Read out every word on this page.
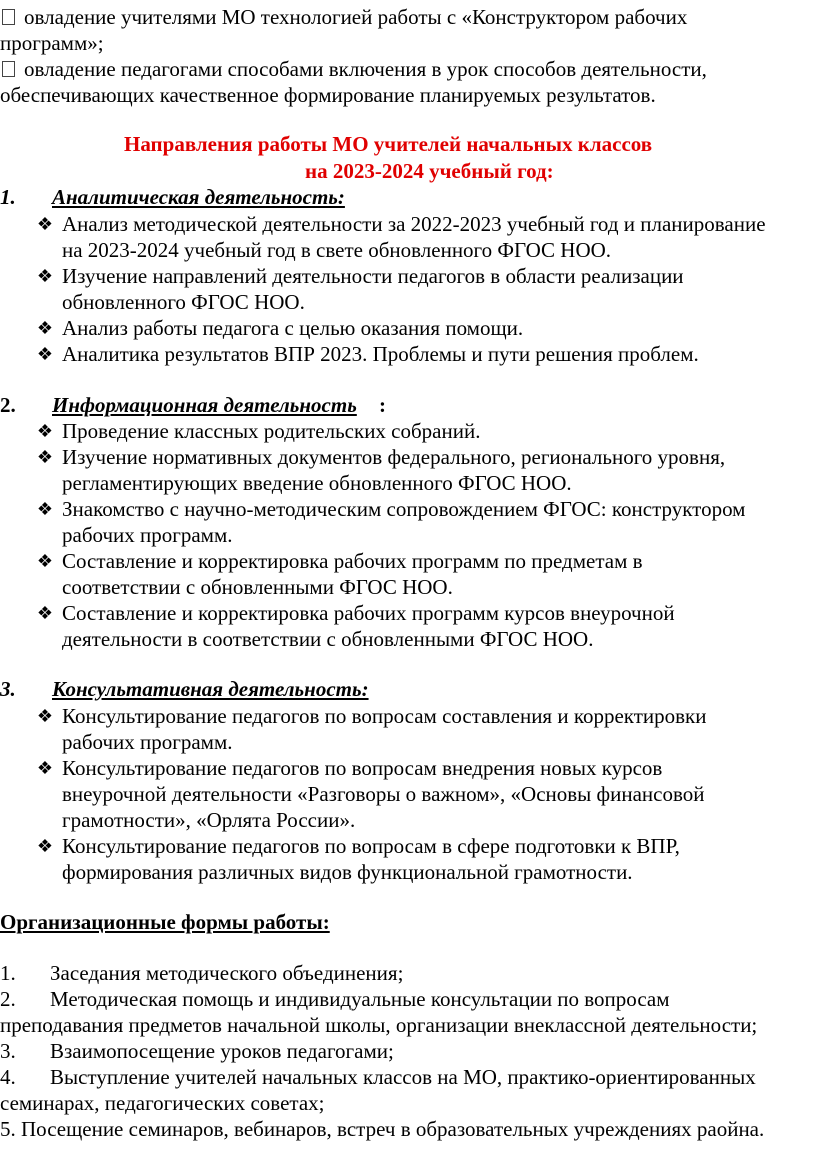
овладение учителями МО технологией работы с «Конструктором рабочих
программ»;
овладение педагогами способами включения в урок способов деятельности,
обеспечивающих качественное формирование планируемых результатов.
Направления работы МО учителей начальных классов
на 2023-2024 учебный год:
1. Аналитическая деятельность:
❖ Анализ методической деятельности за 2022-2023 учебный год и планирование
на 2023-2024 учебный год в свете обновленного ФГОС НОО.
❖ Изучение направлений деятельности педагогов в области реализации
обновленного ФГОС НОО.
❖ Анализ работы педагога с целью оказания помощи.
❖ Аналитика результатов ВПР 2023. Проблемы и пути решения проблем.
2. Информационная деятельность :
❖ Проведение классных родительских собраний.
❖ Изучение нормативных документов федерального, регионального уровня,
регламентирующих введение обновленного ФГОС НОО.
❖ Знакомство с научно-методическим сопровождением ФГОС: конструктором
рабочих программ.
❖ Составление и корректировка рабочих программ по предметам в
соответствии с обновленными ФГОС НОО.
❖ Составление и корректировка рабочих программ курсов внеурочной
деятельности в соответствии с обновленными ФГОС НОО.
3. Консультативная деятельность:
❖ Консультирование педагогов по вопросам составления и корректировки
рабочих программ.
❖ Консультирование педагогов по вопросам внедрения новых курсов
внеурочной деятельности «Разговоры о важном», «Основы финансовой
грамотности», «Орлята России».
❖ Консультирование педагогов по вопросам в сфере подготовки к ВПР,
формирования различных видов функциональной грамотности.
Организационные формы работы:
1. Заседания методического объединения;
2. Методическая помощь и индивидуальные консультации по вопросам
преподавания предметов начальной школы, организации внеклассной деятельности;
3. Взаимопосещение уроков педагогами;
4. Выступление учителей начальных классов на МО, практико-ориентированных
семинарах, педагогических советах;
5. Посещение семинаров, вебинаров, встреч в образовательных учреждениях раойна.
